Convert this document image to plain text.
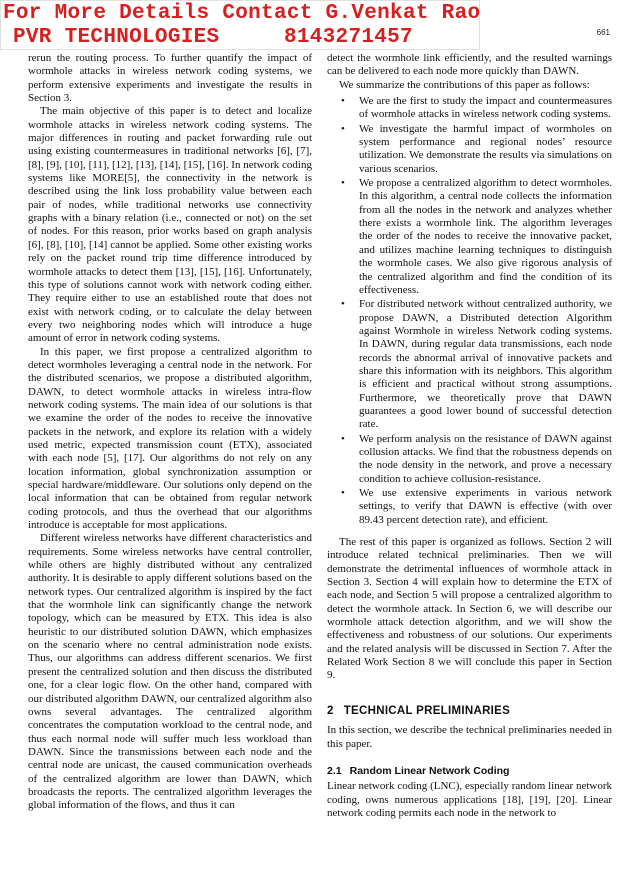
For More Details Contact G.Venkat Rao
PVR TECHNOLOGIES     8143271457	661

rerun the routing process. To further quantify the impact of wormhole attacks in wireless network coding systems, we perform extensive experiments and investigate the results in Section 3.

The main objective of this paper is to detect and localize wormhole attacks in wireless network coding systems. The major differences in routing and packet forwarding rule out using existing countermeasures in traditional networks [6], [7], [8], [9], [10], [11], [12], [13], [14], [15], [16]. In network coding systems like MORE[5], the connectivity in the network is described using the link loss probability value between each pair of nodes, while traditional networks use connectivity graphs with a binary relation (i.e., connected or not) on the set of nodes. For this reason, prior works based on graph analysis [6], [8], [10], [14] cannot be applied. Some other existing works rely on the packet round trip time difference introduced by wormhole attacks to detect them [13], [15], [16]. Unfortunately, this type of solutions cannot work with network coding either. They require either to use an established route that does not exist with network coding, or to calculate the delay between every two neighboring nodes which will introduce a huge amount of error in network coding systems.

In this paper, we first propose a centralized algorithm to detect wormholes leveraging a central node in the network. For the distributed scenarios, we propose a distributed algorithm, DAWN, to detect wormhole attacks in wireless intra-flow network coding systems. The main idea of our solutions is that we examine the order of the nodes to receive the innovative packets in the network, and explore its relation with a widely used metric, expected transmission count (ETX), associated with each node [5], [17]. Our algorithms do not rely on any location information, global synchronization assumption or special hardware/middleware. Our solutions only depend on the local information that can be obtained from regular network coding protocols, and thus the overhead that our algorithms introduce is acceptable for most applications.

Different wireless networks have different characteristics and requirements. Some wireless networks have central controller, while others are highly distributed without any centralized authority. It is desirable to apply different solutions based on the network types. Our centralized algorithm is inspired by the fact that the wormhole link can significantly change the network topology, which can be measured by ETX. This idea is also heuristic to our distributed solution DAWN, which emphasizes on the scenario where no central administration node exists. Thus, our algorithms can address different scenarios. We first present the centralized solution and then discuss the distributed one, for a clear logic flow. On the other hand, compared with our distributed algorithm DAWN, our centralized algorithm also owns several advantages. The centralized algorithm concentrates the computation workload to the central node, and thus each normal node will suffer much less workload than DAWN. Since the transmissions between each node and the central node are unicast, the caused communication overheads of the centralized algorithm are lower than DAWN, which broadcasts the reports. The centralized algorithm leverages the global information of the flows, and thus it can

detect the wormhole link efficiently, and the resulted warnings can be delivered to each node more quickly than DAWN.

We summarize the contributions of this paper as follows:

• We are the first to study the impact and countermeasures of wormhole attacks in wireless network coding systems.
• We investigate the harmful impact of wormholes on system performance and regional nodes’ resource utilization. We demonstrate the results via simulations on various scenarios.
• We propose a centralized algorithm to detect wormholes. In this algorithm, a central node collects the information from all the nodes in the network and analyzes whether there exists a wormhole link. The algorithm leverages the order of the nodes to receive the innovative packet, and utilizes machine learning techniques to distinguish the wormhole cases. We also give rigorous analysis of the centralized algorithm and find the condition of its effectiveness.
• For distributed network without centralized authority, we propose DAWN, a Distributed detection Algorithm against Wormhole in wireless Network coding systems. In DAWN, during regular data transmissions, each node records the abnormal arrival of innovative packets and share this information with its neighbors. This algorithm is efficient and practical without strong assumptions. Furthermore, we theoretically prove that DAWN guarantees a good lower bound of successful detection rate.
• We perform analysis on the resistance of DAWN against collusion attacks. We find that the robustness depends on the node density in the network, and prove a necessary condition to achieve collusion-resistance.
• We use extensive experiments in various network settings, to verify that DAWN is effective (with over 89.43 percent detection rate), and efficient.

The rest of this paper is organized as follows. Section 2 will introduce related technical preliminaries. Then we will demonstrate the detrimental influences of wormhole attack in Section 3. Section 4 will explain how to determine the ETX of each node, and Section 5 will propose a centralized algorithm to detect the wormhole attack. In Section 6, we will describe our wormhole attack detection algorithm, and we will show the effectiveness and robustness of our solutions. Our experiments and the related analysis will be discussed in Section 7. After the Related Work Section 8 we will conclude this paper in Section 9.

2 TECHNICAL PRELIMINARIES

In this section, we describe the technical preliminaries needed in this paper.

2.1 Random Linear Network Coding

Linear network coding (LNC), especially random linear network coding, owns numerous applications [18], [19], [20]. Linear network coding permits each node in the network to
